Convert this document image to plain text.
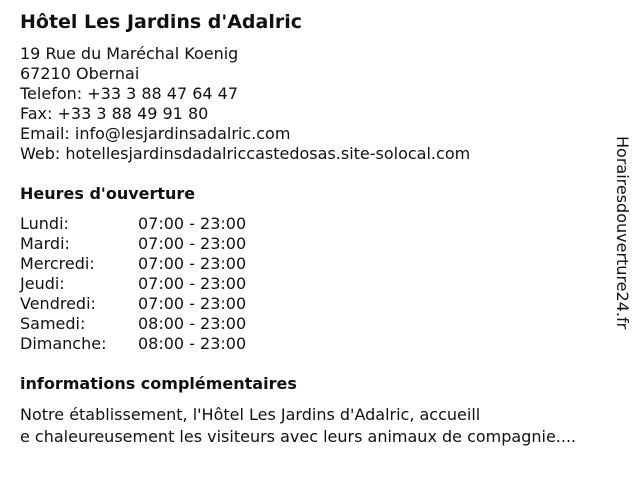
Hôtel Les Jardins d'Adalric
19 Rue du Maréchal Koenig
67210 Obernai
Telefon: +33 3 88 47 64 47
Fax: +33 3 88 49 91 80
Email: info@lesjardinsadalric.com
Web: hotellesjardinsdadalriccastedosas.site-solocal.com
Heures d'ouverture
Lundi:	07:00 - 23:00
Mardi:	07:00 - 23:00
Mercredi:	07:00 - 23:00
Jeudi:	07:00 - 23:00
Vendredi:	07:00 - 23:00
Samedi:	08:00 - 23:00
Dimanche:	08:00 - 23:00
informations complémentaires
Notre établissement, l'Hôtel Les Jardins d'Adalric, accueill
e chaleureusement les visiteurs avec leurs animaux de compagnie....
Horairesdouverture24.fr
